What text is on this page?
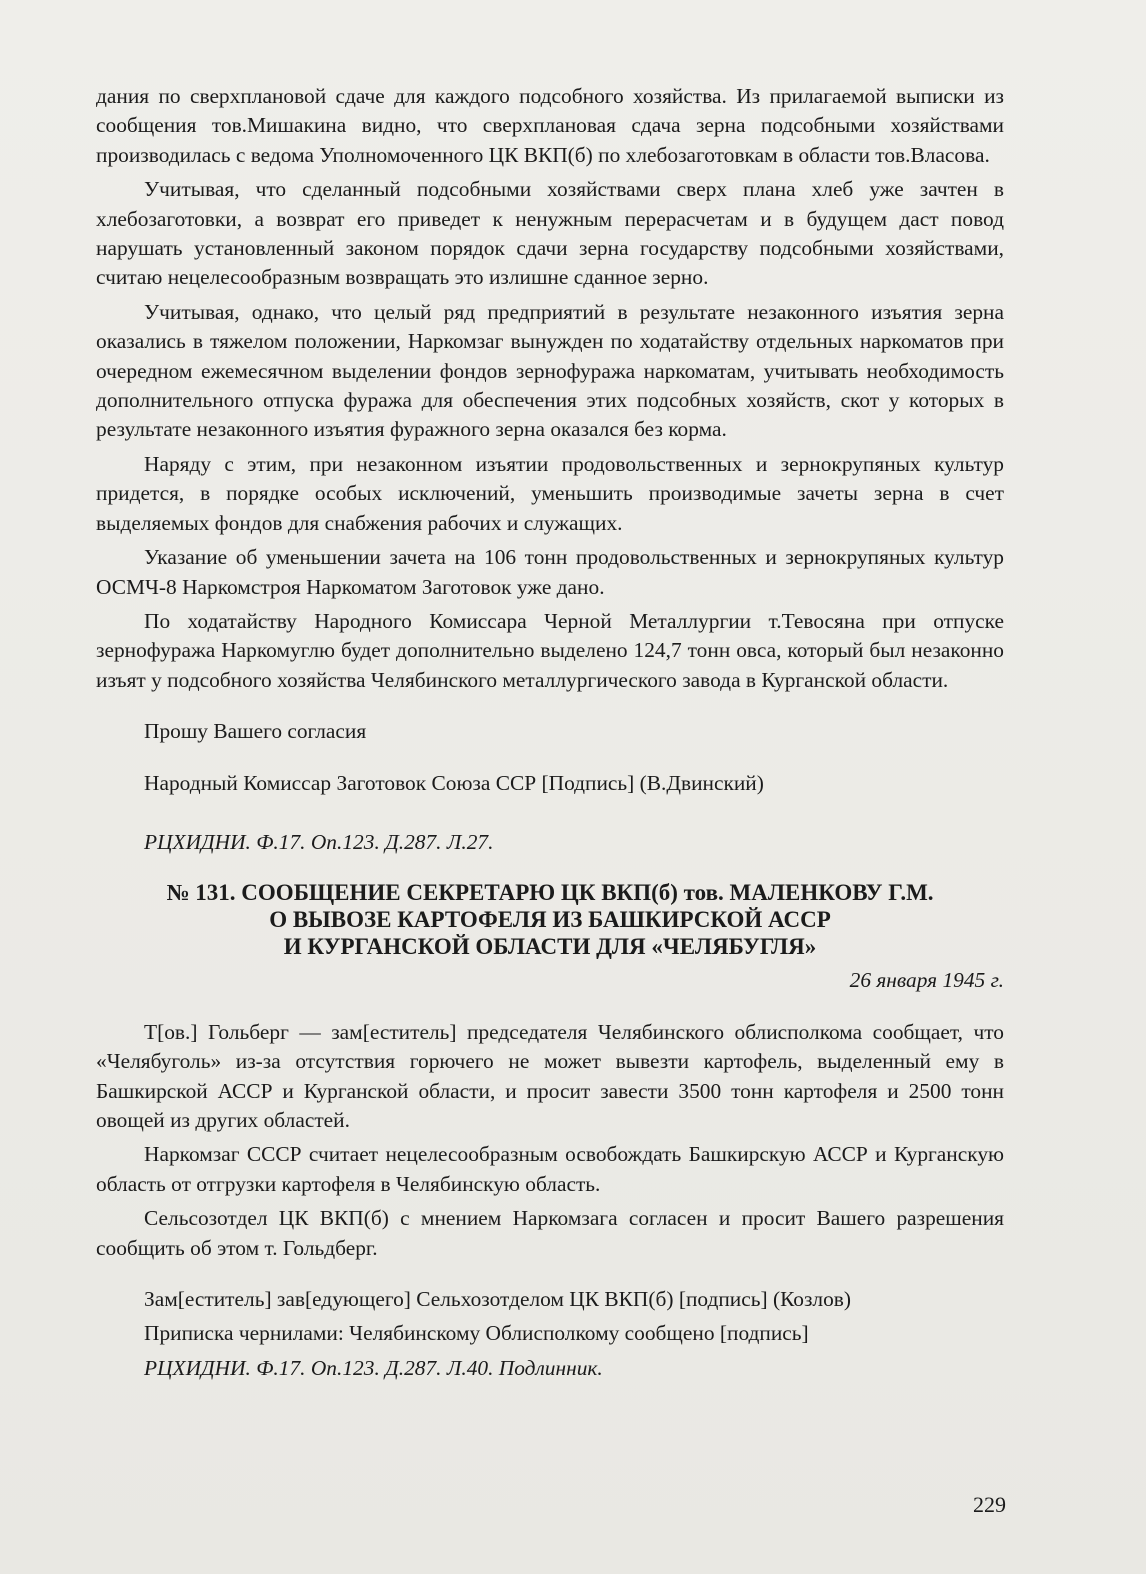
дания по сверхплановой сдаче для каждого подсобного хозяйства. Из прилагаемой выписки из сообщения тов.Мишакина видно, что сверхплановая сдача зерна подсобными хозяйствами производилась с ведома Уполномоченного ЦК ВКП(б) по хлебозаготовкам в области тов.Власова.

Учитывая, что сделанный подсобными хозяйствами сверх плана хлеб уже зачтен в хлебозаготовки, а возврат его приведет к ненужным перерасчетам и в будущем даст повод нарушать установленный законом порядок сдачи зерна государству подсобными хозяйствами, считаю нецелесообразным возвращать это излишне сданное зерно.

Учитывая, однако, что целый ряд предприятий в результате незаконного изъятия зерна оказались в тяжелом положении, Наркомзаг вынужден по ходатайству отдельных наркоматов при очередном ежемесячном выделении фондов зернофуража наркоматам, учитывать необходимость дополнительного отпуска фуража для обеспечения этих подсобных хозяйств, скот у которых в результате незаконного изъятия фуражного зерна оказался без корма.

Наряду с этим, при незаконном изъятии продовольственных и зернокрупяных культур придется, в порядке особых исключений, уменьшить производимые зачеты зерна в счет выделяемых фондов для снабжения рабочих и служащих.

Указание об уменьшении зачета на 106 тонн продовольственных и зернокрупяных культур ОСМЧ-8 Наркомстроя Наркоматом Заготовок уже дано.

По ходатайству Народного Комиссара Черной Металлургии т.Тевосяна при отпуске зернофуража Наркомуглю будет дополнительно выделено 124,7 тонн овса, который был незаконно изъят у подсобного хозяйства Челябинского металлургического завода в Курганской области.

Прошу Вашего согласия

Народный Комиссар Заготовок Союза ССР [Подпись] (В.Двинский)

РЦХИДНИ. Ф.17. Оп.123. Д.287. Л.27.

№ 131. СООБЩЕНИЕ СЕКРЕТАРЮ ЦК ВКП(б) тов. МАЛЕНКОВУ Г.М.
О ВЫВОЗЕ КАРТОФЕЛЯ ИЗ БАШКИРСКОЙ АССР
И КУРГАНСКОЙ ОБЛАСТИ ДЛЯ «ЧЕЛЯБУГЛЯ»

26 января 1945 г.

Т[ов.] Гольберг — зам[еститель] председателя Челябинского облисполкома сообщает, что «Челябуголь» из-за отсутствия горючего не может вывезти картофель, выделенный ему в Башкирской АССР и Курганской области, и просит завести 3500 тонн картофеля и 2500 тонн овощей из других областей.

Наркомзаг СССР считает нецелесообразным освобождать Башкирскую АССР и Курганскую область от отгрузки картофеля в Челябинскую область.

Сельсозотдел ЦК ВКП(б) с мнением Наркомзага согласен и просит Вашего разрешения сообщить об этом т. Гольдберг.

Зам[еститель] зав[едующего] Сельхозотделом ЦК ВКП(б) [подпись] (Козлов)

Приписка чернилами: Челябинскому Облисполкому сообщено [подпись]

РЦХИДНИ. Ф.17. Оп.123. Д.287. Л.40. Подлинник.

229
